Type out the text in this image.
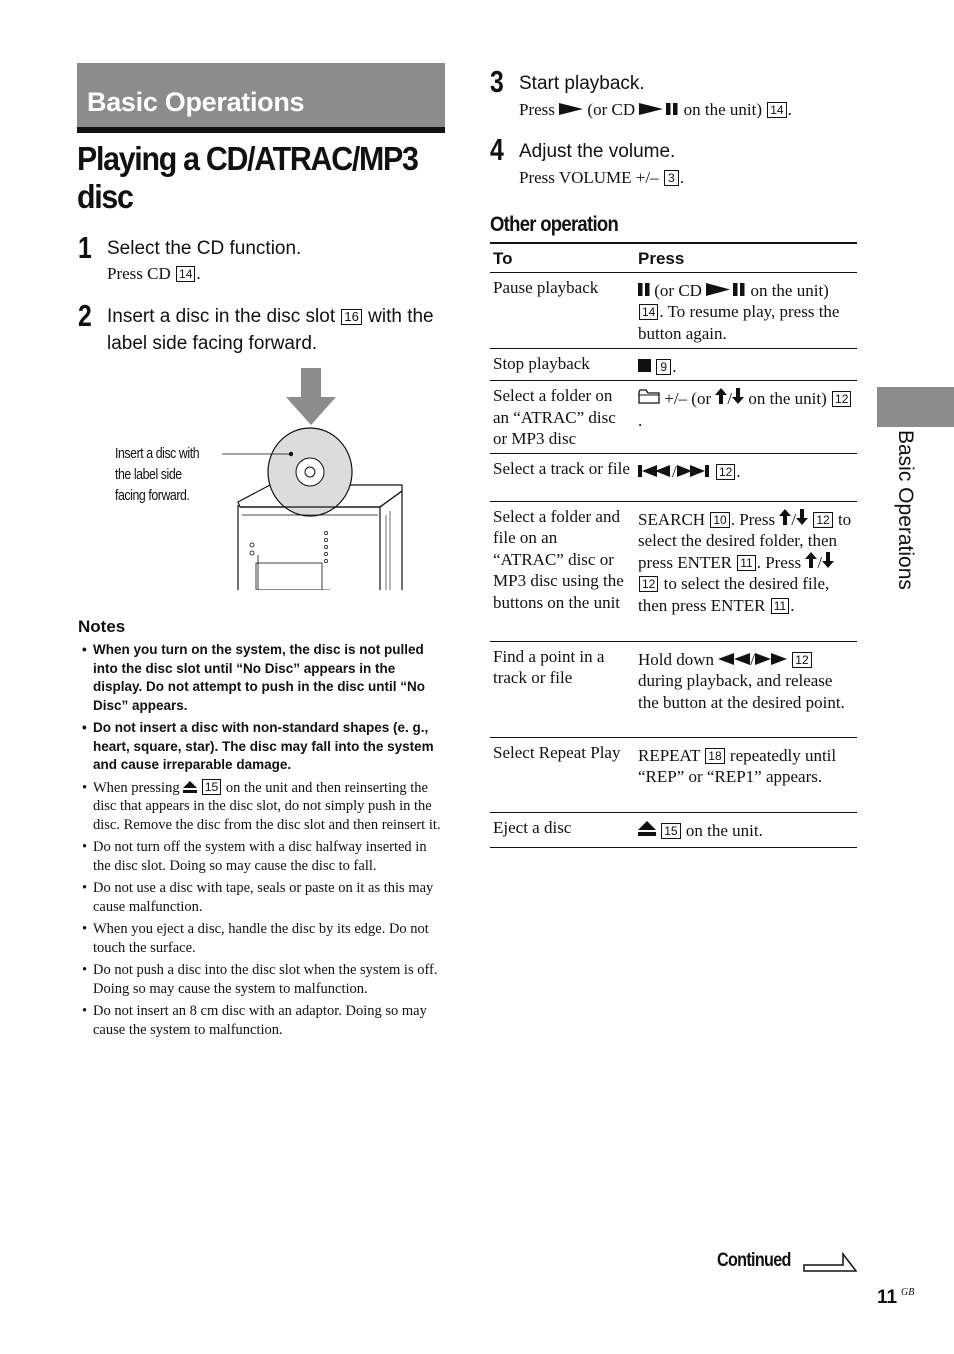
Basic Operations
Playing a CD/ATRAC/MP3 disc
1 Select the CD function.
Press CD 14 .
2 Insert a disc in the disc slot 16 with the label side facing forward.
Insert a disc with the label side facing forward.
Notes
• When you turn on the system, the disc is not pulled into the disc slot until “No Disc” appears in the display. Do not attempt to push in the disc until “No Disc” appears.
• Do not insert a disc with non-standard shapes (e. g., heart, square, star). The disc may fall into the system and cause irreparable damage.
• When pressing  15 on the unit and then reinserting the disc that appears in the disc slot, do not simply push in the disc. Remove the disc from the disc slot and then reinsert it.
• Do not turn off the system with a disc halfway inserted in the disc slot. Doing so may cause the disc to fall.
• Do not use a disc with tape, seals or paste on it as this may cause malfunction.
• When you eject a disc, handle the disc by its edge. Do not touch the surface.
• Do not push a disc into the disc slot when the system is off. Doing so may cause the system to malfunction.
• Do not insert an 8 cm disc with an adaptor. Doing so may cause the system to malfunction.
3 Start playback.
Press  (or CD  on the unit) 14 .
4 Adjust the volume.
Press VOLUME +/– 3 .
Other operation
To	Press
Pause playback	(or CD  on the unit) 14 . To resume play, press the button again.
Stop playback	9 .
Select a folder on an “ATRAC” disc or MP3 disc	+/– (or / on the unit) 12.
Select a track or file	/ 12 .
Select a folder and file on an “ATRAC” disc or MP3 disc using the buttons on the unit	SEARCH 10 . Press / 12 to select the desired folder, then press ENTER 11 . Press / 12 to select the desired file, then press ENTER 11 .
Find a point in a track or file	Hold down / 12 during playback, and release the button at the desired point.
Select Repeat Play	REPEAT 18 repeatedly until “REP” or “REP1” appears.
Eject a disc	15 on the unit.
Basic Operations
Continued
11 GB
